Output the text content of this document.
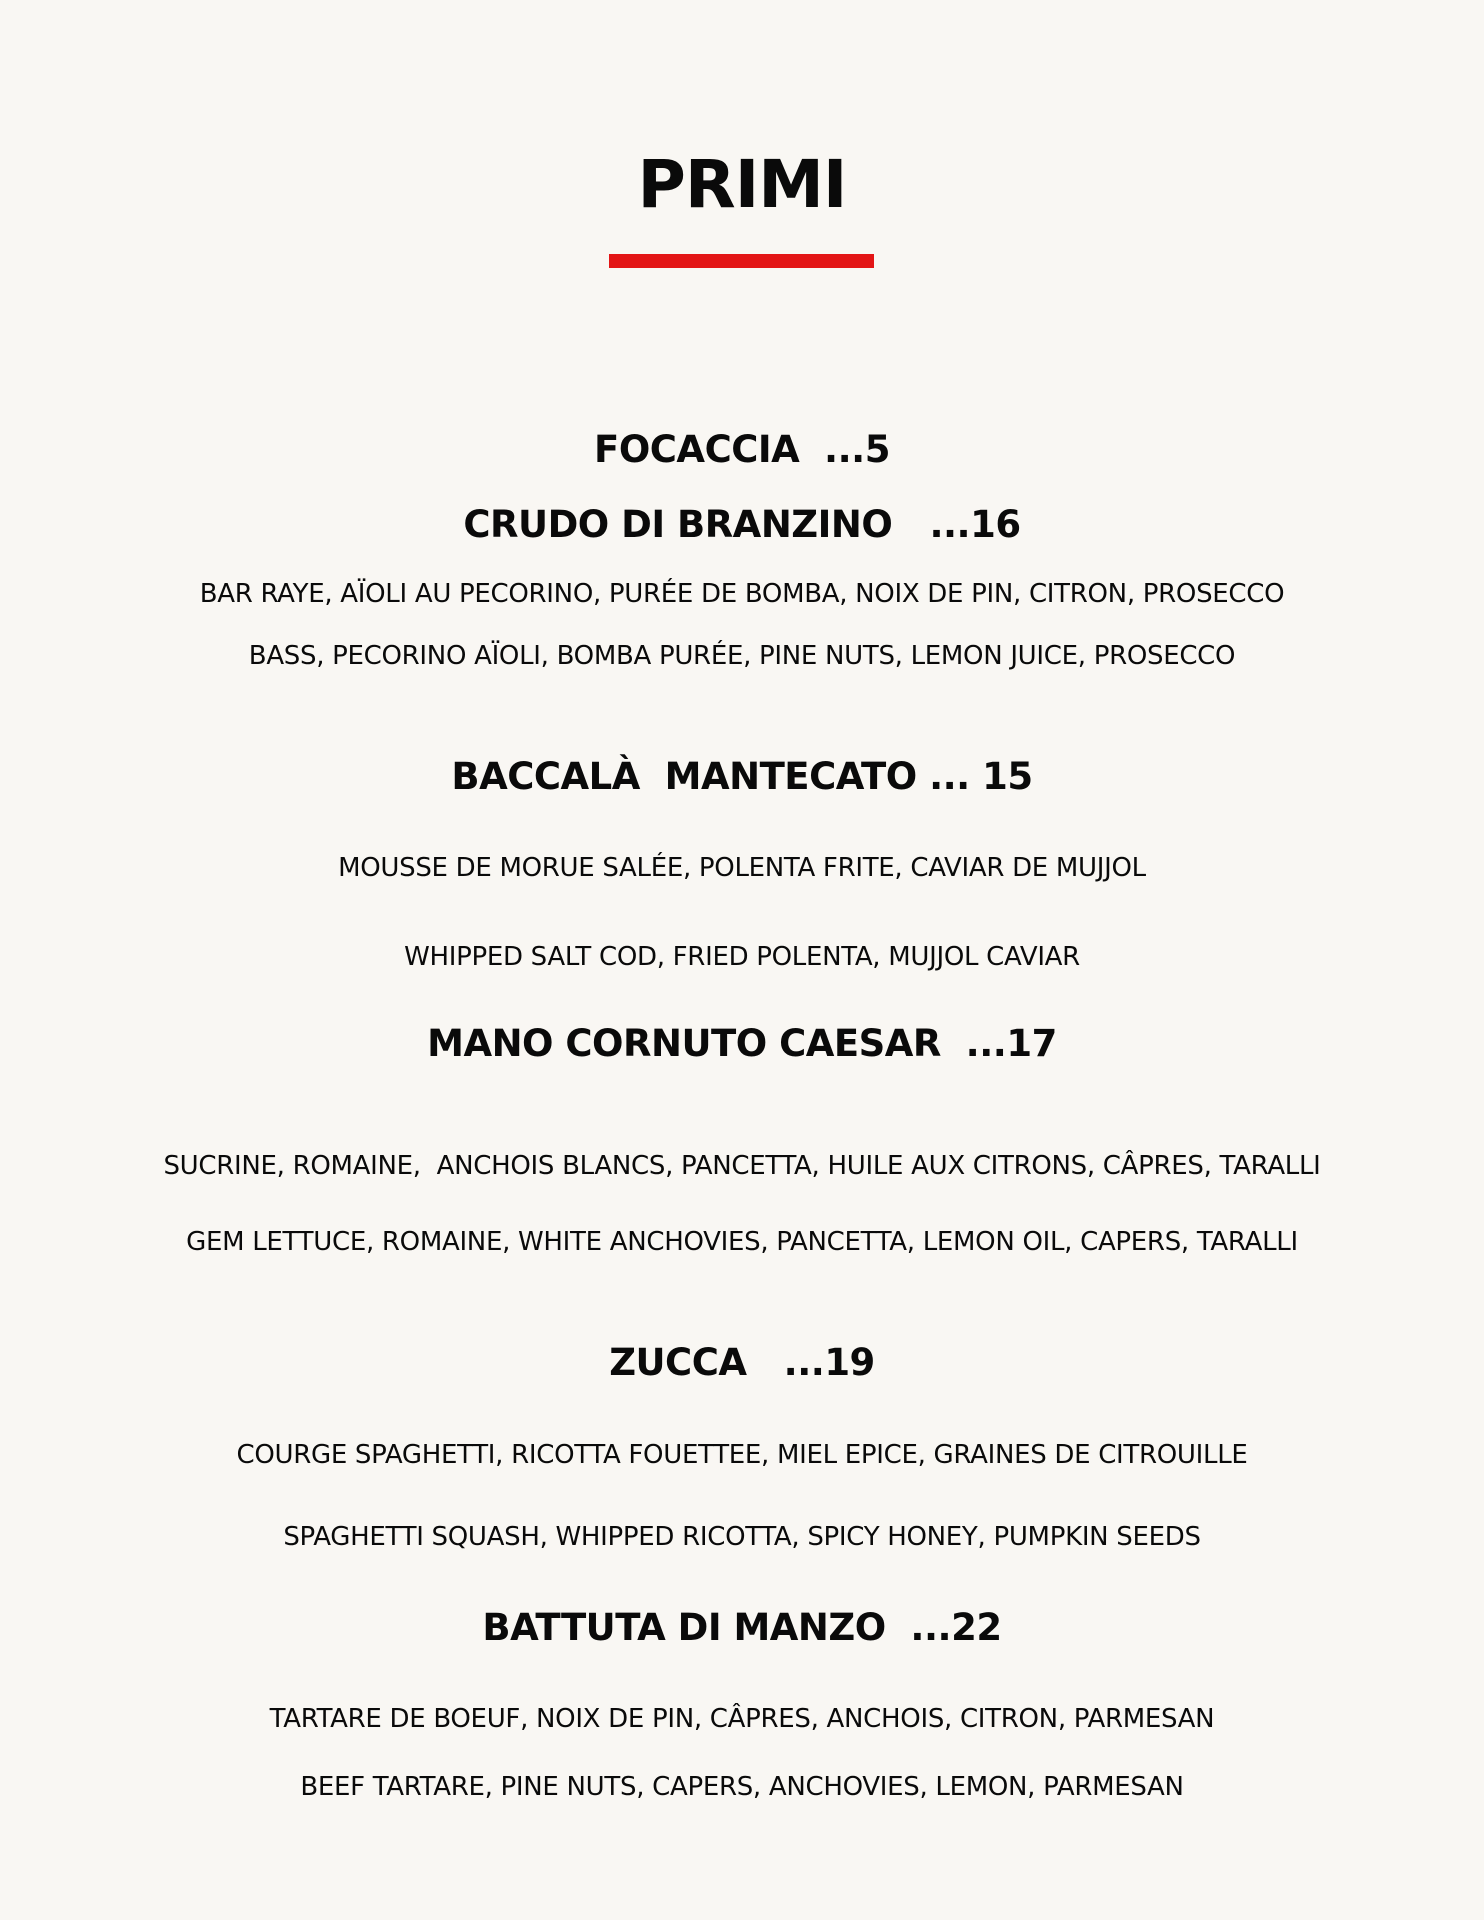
PRIMI
FOCACCIA  ...5
CRUDO DI BRANZINO   ...16
BAR RAYE, AÏOLI AU PECORINO, PURÉE DE BOMBA, NOIX DE PIN, CITRON, PROSECCO
BASS, PECORINO AÏOLI, BOMBA PURÉE, PINE NUTS, LEMON JUICE, PROSECCO
BACCALÀ  MANTECATO ... 15
MOUSSE DE MORUE SALÉE, POLENTA FRITE, CAVIAR DE MUJJOL
WHIPPED SALT COD, FRIED POLENTA, MUJJOL CAVIAR
MANO CORNUTO CAESAR  ...17
SUCRINE, ROMAINE,  ANCHOIS BLANCS, PANCETTA, HUILE AUX CITRONS, CÂPRES, TARALLI
GEM LETTUCE, ROMAINE, WHITE ANCHOVIES, PANCETTA, LEMON OIL, CAPERS, TARALLI
ZUCCA   ...19
COURGE SPAGHETTI, RICOTTA FOUETTEE, MIEL EPICE, GRAINES DE CITROUILLE
SPAGHETTI SQUASH, WHIPPED RICOTTA, SPICY HONEY, PUMPKIN SEEDS
BATTUTA DI MANZO  ...22
TARTARE DE BOEUF, NOIX DE PIN, CÂPRES, ANCHOIS, CITRON, PARMESAN
BEEF TARTARE, PINE NUTS, CAPERS, ANCHOVIES, LEMON, PARMESAN
